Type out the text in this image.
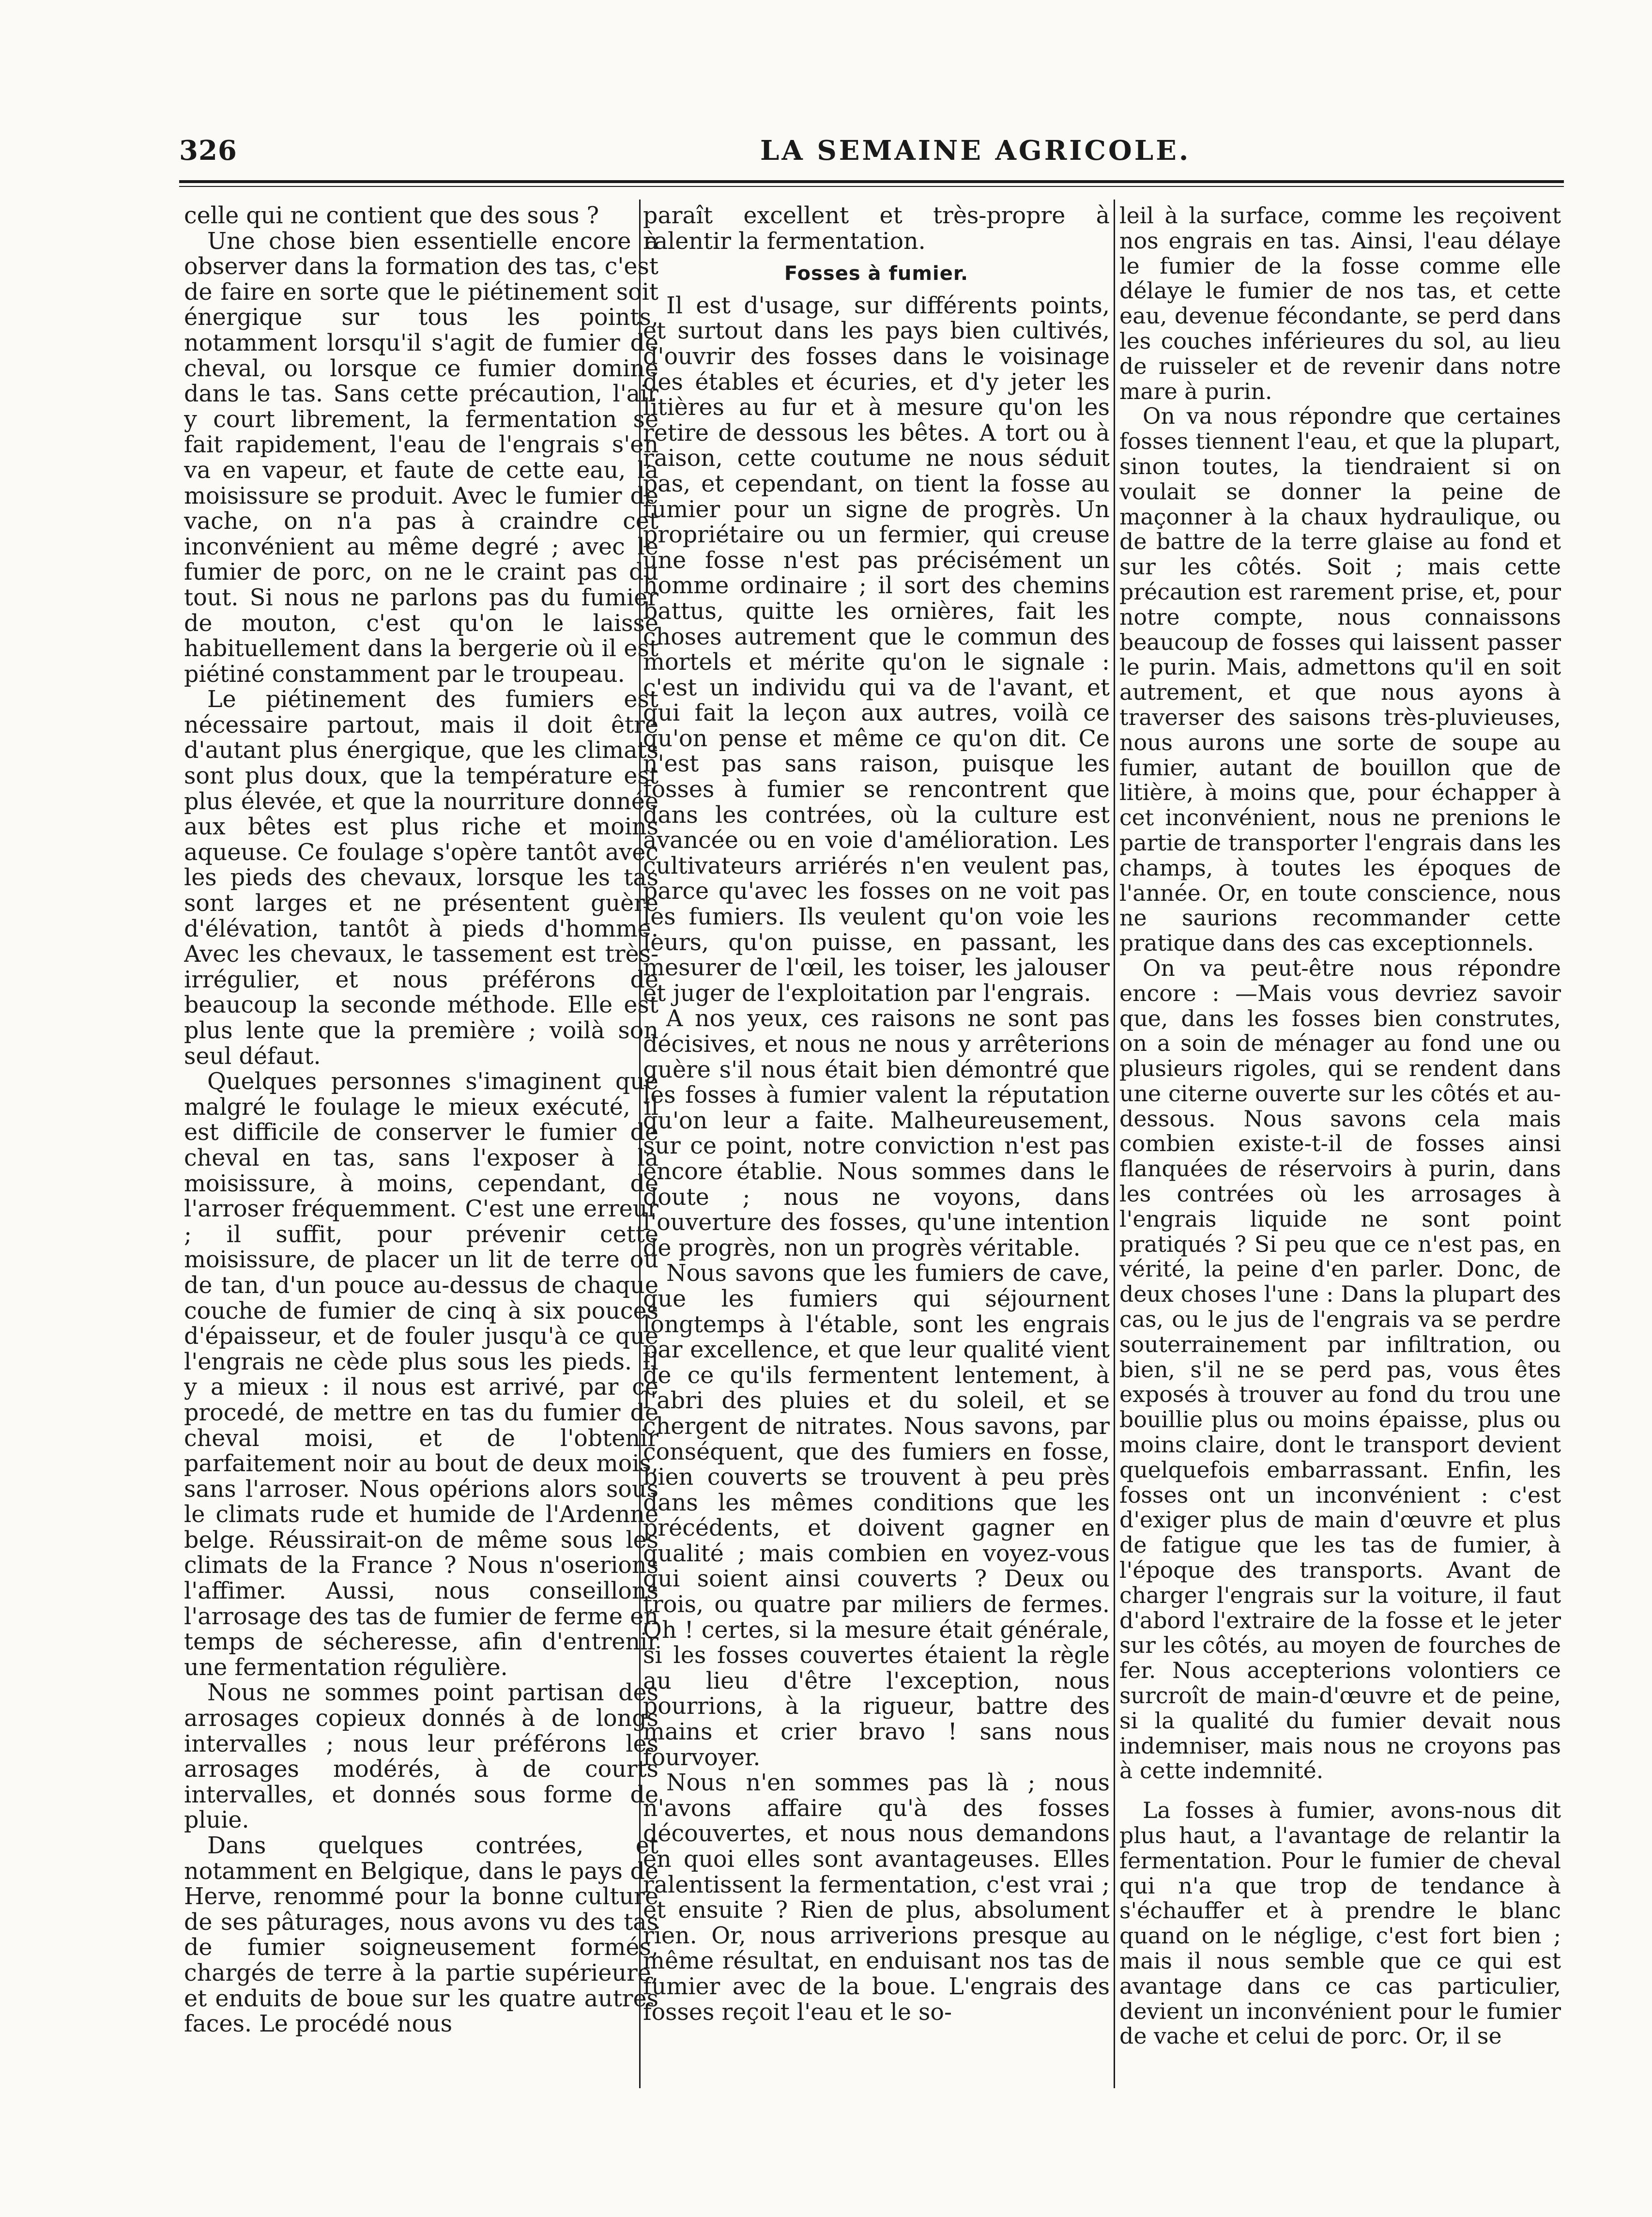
326	LA SEMAINE AGRICOLE.

celle qui ne contient que des sous ?

Une chose bien essentielle encore à observer dans la formation des tas, c'est de faire en sorte que le piétinement soit énergique sur tous les points, notamment lorsqu'il s'agit de fumier de cheval, ou lorsque ce fumier domine dans le tas. Sans cette précaution, l'air y court librement, la fermentation se fait rapidement, l'eau de l'engrais s'en va en vapeur, et faute de cette eau, la moisissure se produit. Avec le fumier de vache, on n'a pas à craindre cet inconvénient au même degré ; avec le fumier de porc, on ne le craint pas du tout. Si nous ne parlons pas du fumier de mouton, c'est qu'on le laisse habituellement dans la bergerie où il est piétiné constamment par le troupeau.

Le piétinement des fumiers est nécessaire partout, mais il doit être d'autant plus énergique, que les climats sont plus doux, que la température est plus élevée, et que la nourriture donnée aux bêtes est plus riche et moins aqueuse. Ce foulage s'opère tantôt avec les pieds des chevaux, lorsque les tas sont larges et ne présentent guère d'élévation, tantôt à pieds d'homme. Avec les chevaux, le tassement est très-irrégulier, et nous préférons de beaucoup la seconde méthode. Elle est plus lente que la première ; voilà son seul défaut.

Quelques personnes s'imaginent que malgré le foulage le mieux exécuté, il est difficile de conserver le fumier de cheval en tas, sans l'exposer à la moisissure, à moins, cependant, de l'arroser fréquemment. C'est une erreur ; il suffit, pour prévenir cette moisissure, de placer un lit de terre ou de tan, d'un pouce au-dessus de chaque couche de fumier de cinq à six pouces d'épaisseur, et de fouler jusqu'à ce que l'engrais ne cède plus sous les pieds. Il y a mieux : il nous est arrivé, par ce procedé, de mettre en tas du fumier de cheval moisi, et de l'obtenir parfaitement noir au bout de deux mois, sans l'arroser. Nous opérions alors sous le climats rude et humide de l'Ardenne belge. Réussirait-on de même sous les climats de la France ? Nous n'oserions l'affimer. Aussi, nous conseillons l'arrosage des tas de fumier de ferme en temps de sécheresse, afin d'entrenir une fermentation régulière.

Nous ne sommes point partisan des arrosages copieux donnés à de longs intervalles ; nous leur préférons les arrosages modérés, à de courts intervalles, et donnés sous forme de pluie.

Dans quelques contrées, et notamment en Belgique, dans le pays de Herve, renommé pour la bonne culture de ses pâturages, nous avons vu des tas de fumier soigneusement formés, chargés de terre à la partie supérieure, et enduits de boue sur les quatre autres faces. Le procédé nous

paraît excellent et très-propre à ralentir la fermentation.

Fosses à fumier.

Il est d'usage, sur différents points, et surtout dans les pays bien cultivés, d'ouvrir des fosses dans le voisinage des étables et écuries, et d'y jeter les litières au fur et à mesure qu'on les retire de dessous les bêtes. A tort ou à raison, cette coutume ne nous séduit pas, et cependant, on tient la fosse au fumier pour un signe de progrès. Un propriétaire ou un fermier, qui creuse une fosse n'est pas précisément un homme ordinaire ; il sort des chemins battus, quitte les ornières, fait les choses autrement que le commun des mortels et mérite qu'on le signale : c'est un individu qui va de l'avant, et qui fait la leçon aux autres, voilà ce qu'on pense et même ce qu'on dit. Ce n'est pas sans raison, puisque les fosses à fumier se rencontrent que dans les contrées, où la culture est avancée ou en voie d'amélioration. Les cultivateurs arriérés n'en veulent pas, parce qu'avec les fosses on ne voit pas les fumiers. Ils veulent qu'on voie les leurs, qu'on puisse, en passant, les mesurer de l'œil, les toiser, les jalouser et juger de l'exploitation par l'engrais.

A nos yeux, ces raisons ne sont pas décisives, et nous ne nous y arrêterions guère s'il nous était bien démontré que les fosses à fumier valent la réputation qu'on leur a faite. Malheureusement, sur ce point, notre conviction n'est pas encore établie. Nous sommes dans le doute ; nous ne voyons, dans l'ouverture des fosses, qu'une intention de progrès, non un progrès véritable.

Nous savons que les fumiers de cave, que les fumiers qui séjournent longtemps à l'étable, sont les engrais par excellence, et que leur qualité vient de ce qu'ils fermentent lentement, à l'abri des pluies et du soleil, et se chergent de nitrates. Nous savons, par conséquent, que des fumiers en fosse, bien couverts se trouvent à peu près dans les mêmes conditions que les précédents, et doivent gagner en qualité ; mais combien en voyez-vous qui soient ainsi couverts ? Deux ou trois, ou quatre par miliers de fermes. Oh ! certes, si la mesure était générale, si les fosses couvertes étaient la règle au lieu d'être l'exception, nous pourrions, à la rigueur, battre des mains et crier bravo ! sans nous fourvoyer.

Nous n'en sommes pas là ; nous n'avons affaire qu'à des fosses découvertes, et nous nous demandons en quoi elles sont avantageuses. Elles ralentissent la fermentation, c'est vrai ; et ensuite ? Rien de plus, absolument rien. Or, nous arriverions presque au même résultat, en enduisant nos tas de fumier avec de la boue. L'engrais des fosses reçoit l'eau et le so-

leil à la surface, comme les reçoivent nos engrais en tas. Ainsi, l'eau délaye le fumier de la fosse comme elle délaye le fumier de nos tas, et cette eau, devenue fécondante, se perd dans les couches inférieures du sol, au lieu de ruisseler et de revenir dans notre mare à purin.

On va nous répondre que certaines fosses tiennent l'eau, et que la plupart, sinon toutes, la tiendraient si on voulait se donner la peine de maçonner à la chaux hydraulique, ou de battre de la terre glaise au fond et sur les côtés. Soit ; mais cette précaution est rarement prise, et, pour notre compte, nous connaissons beaucoup de fosses qui laissent passer le purin. Mais, admettons qu'il en soit autrement, et que nous ayons à traverser des saisons très-pluvieuses, nous aurons une sorte de soupe au fumier, autant de bouillon que de litière, à moins que, pour échapper à cet inconvénient, nous ne prenions le partie de transporter l'engrais dans les champs, à toutes les époques de l'année. Or, en toute conscience, nous ne saurions recommander cette pratique dans des cas exceptionnels.

On va peut-être nous répondre encore : —Mais vous devriez savoir que, dans les fosses bien construtes, on a soin de ménager au fond une ou plusieurs rigoles, qui se rendent dans une citerne ouverte sur les côtés et au-dessous. Nous savons cela mais combien existe-t-il de fosses ainsi flanquées de réservoirs à purin, dans les contrées où les arrosages à l'engrais liquide ne sont point pratiqués ? Si peu que ce n'est pas, en vérité, la peine d'en parler. Donc, de deux choses l'une : Dans la plupart des cas, ou le jus de l'engrais va se perdre souterrainement par infiltration, ou bien, s'il ne se perd pas, vous êtes exposés à trouver au fond du trou une bouillie plus ou moins épaisse, plus ou moins claire, dont le transport devient quelquefois embarrassant. Enfin, les fosses ont un inconvénient : c'est d'exiger plus de main d'œuvre et plus de fatigue que les tas de fumier, à l'époque des transports. Avant de charger l'engrais sur la voiture, il faut d'abord l'extraire de la fosse et le jeter sur les côtés, au moyen de fourches de fer. Nous accepterions volontiers ce surcroît de main-d'œuvre et de peine, si la qualité du fumier devait nous indemniser, mais nous ne croyons pas à cette indemnité.

La fosses à fumier, avons-nous dit plus haut, a l'avantage de relantir la fermentation. Pour le fumier de cheval qui n'a que trop de tendance à s'échauffer et à prendre le blanc quand on le néglige, c'est fort bien ; mais il nous semble que ce qui est avantage dans ce cas particulier, devient un inconvénient pour le fumier de vache et celui de porc. Or, il se
